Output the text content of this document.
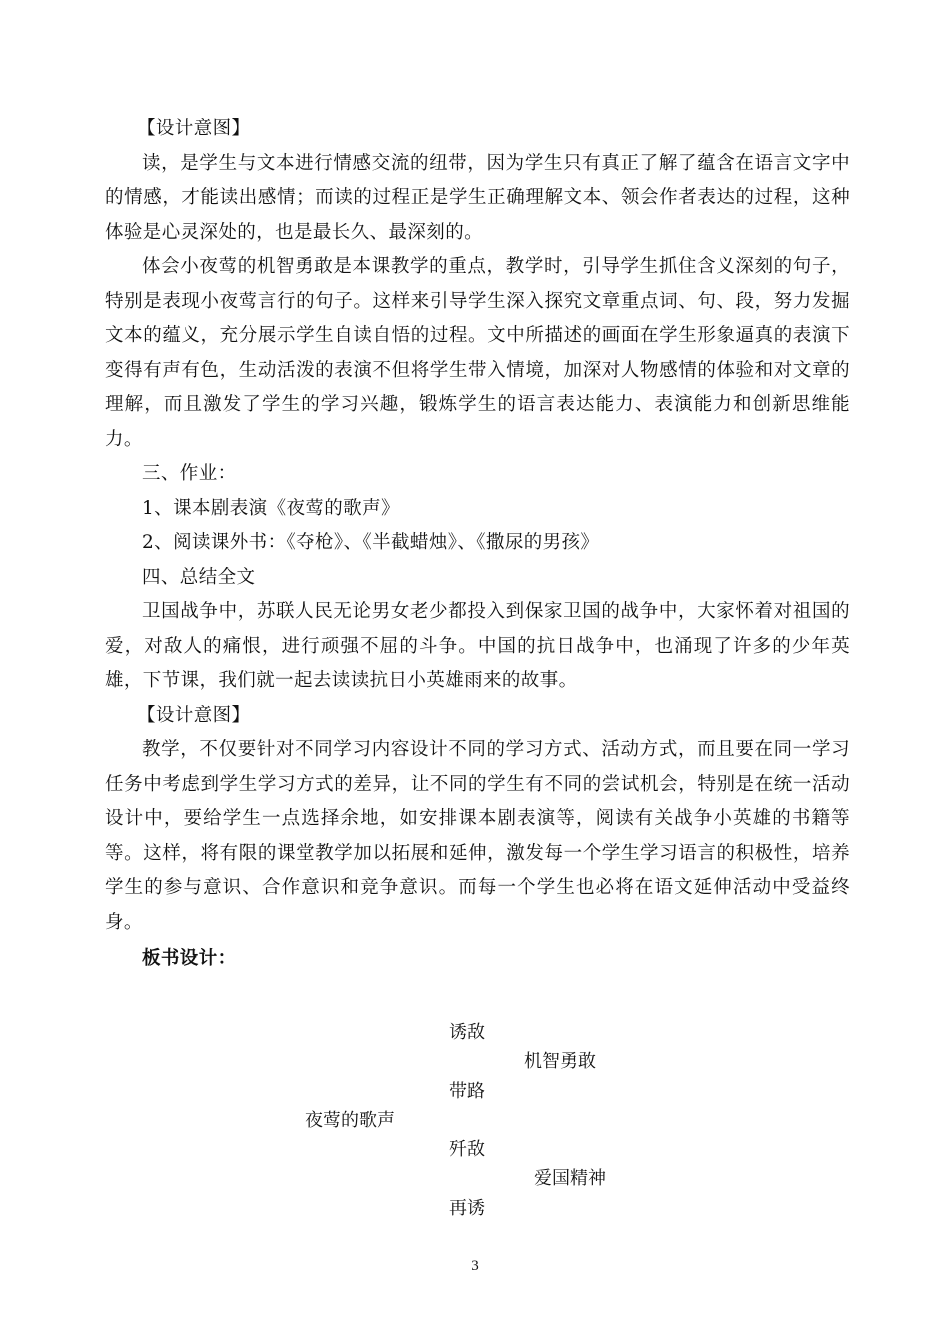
【设计意图】

读，是学生与文本进行情感交流的纽带，因为学生只有真正了解了蕴含在语言文字中的情感，才能读出感情；而读的过程正是学生正确理解文本、领会作者表达的过程，这种体验是心灵深处的，也是最长久、最深刻的。

体会小夜莺的机智勇敢是本课教学的重点，教学时，引导学生抓住含义深刻的句子，特别是表现小夜莺言行的句子。这样来引导学生深入探究文章重点词、句、段，努力发掘文本的蕴义，充分展示学生自读自悟的过程。文中所描述的画面在学生形象逼真的表演下变得有声有色，生动活泼的表演不但将学生带入情境，加深对人物感情的体验和对文章的理解，而且激发了学生的学习兴趣，锻炼学生的语言表达能力、表演能力和创新思维能力。

三、作业：

1、课本剧表演《夜莺的歌声》

2、阅读课外书：《夺枪》、《半截蜡烛》、《撒尿的男孩》

四、总结全文

卫国战争中，苏联人民无论男女老少都投入到保家卫国的战争中，大家怀着对祖国的爱，对敌人的痛恨，进行顽强不屈的斗争。中国的抗日战争中，也涌现了许多的少年英雄，下节课，我们就一起去读读抗日小英雄雨来的故事。

【设计意图】

教学，不仅要针对不同学习内容设计不同的学习方式、活动方式，而且要在同一学习任务中考虑到学生学习方式的差异，让不同的学生有不同的尝试机会，特别是在统一活动设计中，要给学生一点选择余地，如安排课本剧表演等，阅读有关战争小英雄的书籍等等。这样，将有限的课堂教学加以拓展和延伸，激发每一个学生学习语言的积极性，培养学生的参与意识、合作意识和竞争意识。而每一个学生也必将在语文延伸活动中受益终身。

板书设计：

诱敌
机智勇敢
带路
夜莺的歌声
歼敌
爱国精神
再诱
3
